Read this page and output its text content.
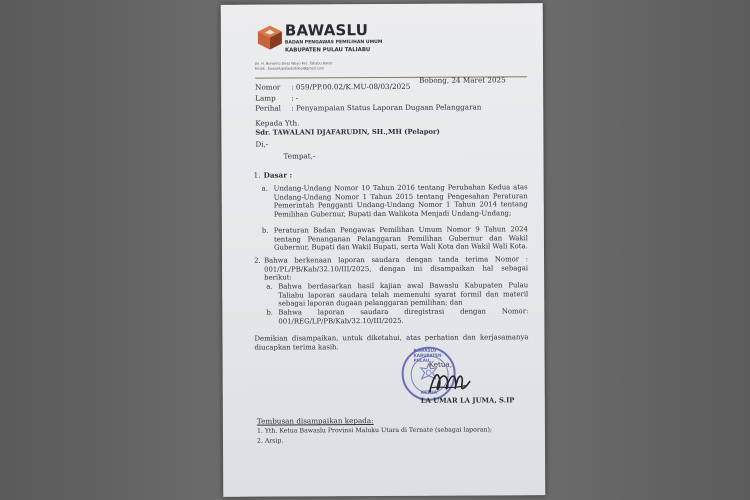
BAWASLU
BADAN PENGAWAS PEMILIHAN UMUM
KABUPATEN PULAU TALIABU
Jln. H. Bonsima Desa Wayo Kec. Taliabu Barat
Email : bawaslupulautaliabu@gmail.com
Nomor : 059/PP.00.02/K.MU-08/03/2025
Bobong, 24 Maret 2025
Lamp : -
Perihal : Penyampaian Status Laporan Dugaan Pelanggaran
Kepada Yth.
Sdr. TAWALANI DJAFARUDIN, SH.,MH (Pelapor)
Di,-
Tempat,-
1. Dasar :
a. Undang-Undang Nomor 10 Tahun 2016 tentang Perubahan Kedua atas Undang-Undang Nomor 1 Tahun 2015 tentang Pengesahan Peraturan Pemerintah Pengganti Undang-Undang Nomor 1 Tahun 2014 tentang Pemilihan Gubernur, Bupati dan Walikota Menjadi Undang-Undang;
b. Peraturan Badan Pengawas Pemilihan Umum Nomor 9 Tahun 2024 tentang Penanganan Pelanggaran Pemilihan Gubernur dan Wakil Gubernur, Bupati dan Wakil Bupati, serta Wali Kota dan Wakil Wali Kota.
2. Bahwa berkenaan laporan saudara dengan tanda terima Nomor : 001/PL/PB/Kab/32.10/III/2025, dengan ini disampaikan hal sebagai berikut:
a. Bahwa berdasarkan hasil kajian awal Bawaslu Kabupaten Pulau Taliabu laporan saudara telah memenuhi syarat formil dan materil sebagai laporan dugaan pelanggaran pemilihan; dan
b. Bahwa laporan saudara diregistrasi dengan Nomor: 001/REG/LP/PB/Kab/32.10/III/2025.
Demikian disampaikan, untuk diketahui, atas perhatian dan kerjasamanya diucapkan terima kasih.
Ketua,
BAWASLU KABUPATEN PULAU
KETUA
LA UMAR LA JUMA, S.IP
Tembusan disampaikan kepada:
1. Yth. Ketua Bawaslu Provinsi Maluku Utara di Ternate (sebagai laporan);
2. Arsip.
